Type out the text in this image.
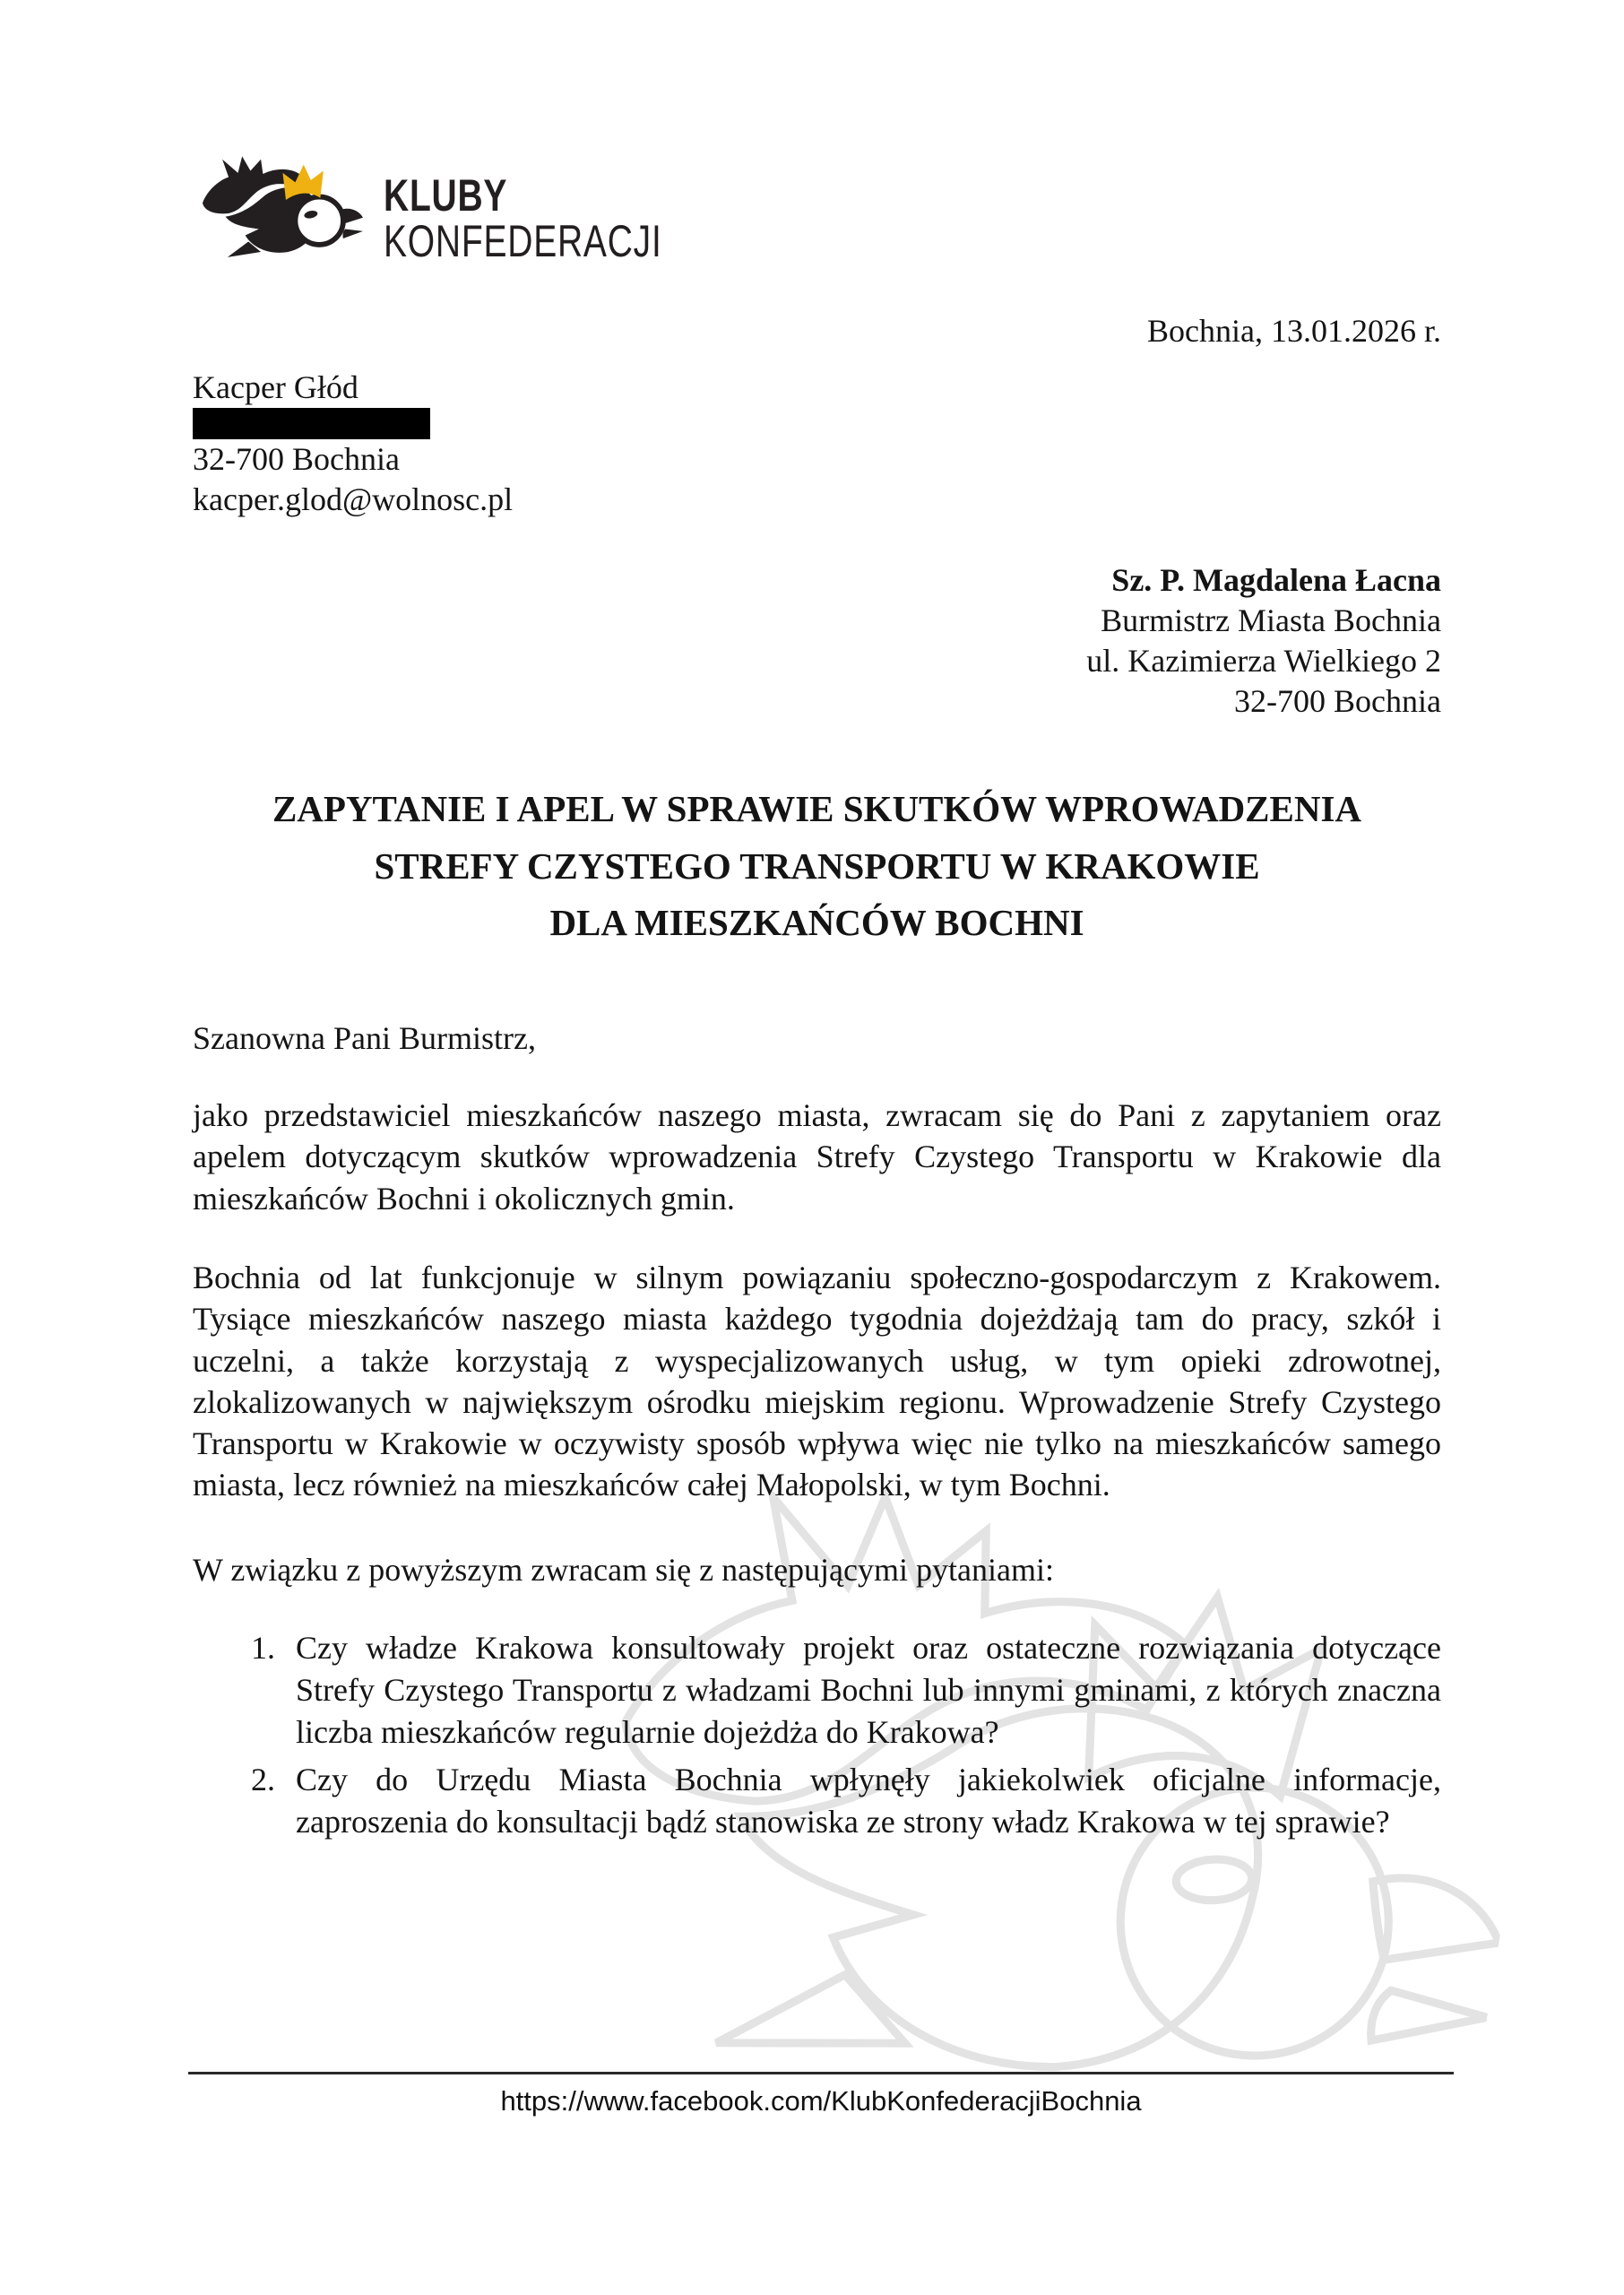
KLUBY
KONFEDERACJI
Bochnia, 13.01.2026 r.
Kacper Głód
32-700 Bochnia
kacper.glod@wolnosc.pl
Sz. P. Magdalena Łacna
Burmistrz Miasta Bochnia
ul. Kazimierza Wielkiego 2
32-700 Bochnia
ZAPYTANIE I APEL W SPRAWIE SKUTKÓW WPROWADZENIA
STREFY CZYSTEGO TRANSPORTU W KRAKOWIE
DLA MIESZKAŃCÓW BOCHNI
Szanowna Pani Burmistrz,
jako przedstawiciel mieszkańców naszego miasta, zwracam się do Pani z zapytaniem oraz apelem dotyczącym skutków wprowadzenia Strefy Czystego Transportu w Krakowie dla mieszkańców Bochni i okolicznych gmin.
Bochnia od lat funkcjonuje w silnym powiązaniu społeczno-gospodarczym z Krakowem. Tysiące mieszkańców naszego miasta każdego tygodnia dojeżdżają tam do pracy, szkół i uczelni, a także korzystają z wyspecjalizowanych usług, w tym opieki zdrowotnej, zlokalizowanych w największym ośrodku miejskim regionu. Wprowadzenie Strefy Czystego Transportu w Krakowie w oczywisty sposób wpływa więc nie tylko na mieszkańców samego miasta, lecz również na mieszkańców całej Małopolski, w tym Bochni.
W związku z powyższym zwracam się z następującymi pytaniami:
1. Czy władze Krakowa konsultowały projekt oraz ostateczne rozwiązania dotyczące Strefy Czystego Transportu z władzami Bochni lub innymi gminami, z których znaczna liczba mieszkańców regularnie dojeżdża do Krakowa?
2. Czy do Urzędu Miasta Bochnia wpłynęły jakiekolwiek oficjalne informacje, zaproszenia do konsultacji bądź stanowiska ze strony władz Krakowa w tej sprawie?
https://www.facebook.com/KlubKonfederacjiBochnia
